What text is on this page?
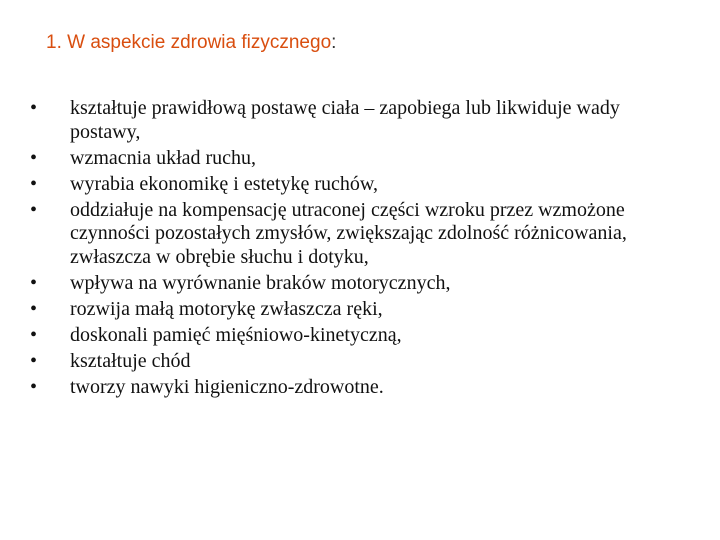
1. W aspekcie zdrowia fizycznego:
• kształtuje prawidłową postawę ciała – zapobiega lub likwiduje wady postawy,
• wzmacnia układ ruchu,
• wyrabia ekonomikę i estetykę ruchów,
• oddziałuje na kompensację utraconej części wzroku przez wzmożone czynności pozostałych zmysłów, zwiększając zdolność różnicowania, zwłaszcza w obrębie słuchu i dotyku,
• wpływa na wyrównanie braków motorycznych,
• rozwija małą motorykę zwłaszcza ręki,
• doskonali pamięć mięśniowo-kinetyczną,
• kształtuje chód
• tworzy nawyki higieniczno-zdrowotne.
